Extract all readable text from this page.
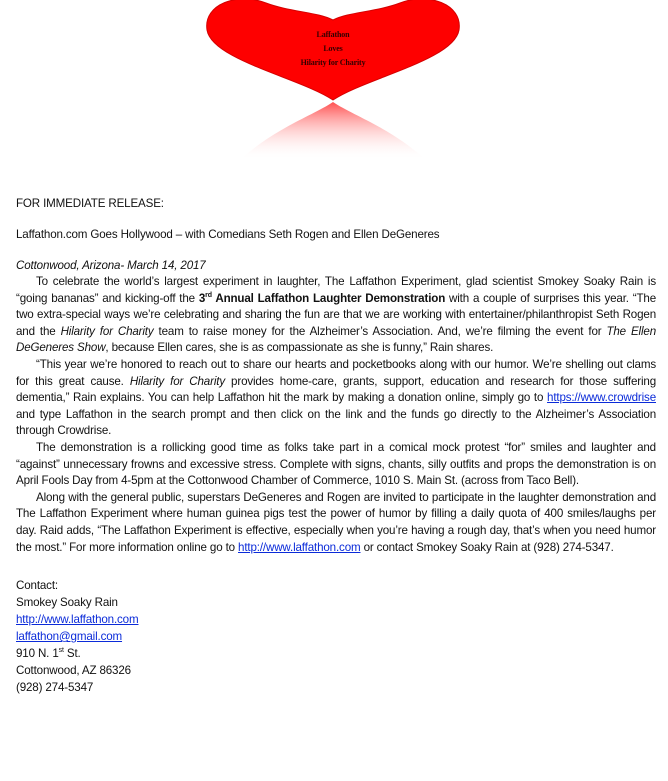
Laffathon
Loves
Hilarity for Charity

FOR IMMEDIATE RELEASE:

Laffathon.com Goes Hollywood – with Comedians Seth Rogen and Ellen DeGeneres

Cottonwood, Arizona- March 14, 2017

To celebrate the world’s largest experiment in laughter, The Laffathon Experiment, glad scientist Smokey Soaky Rain is “going bananas” and kicking-off the 3rd Annual Laffathon Laughter Demonstration with a couple of surprises this year. “The two extra-special ways we’re celebrating and sharing the fun are that we are working with entertainer/philanthropist Seth Rogen and the Hilarity for Charity team to raise money for the Alzheimer’s Association. And, we’re filming the event for The Ellen DeGeneres Show, because Ellen cares, she is as compassionate as she is funny,” Rain shares.

“This year we’re honored to reach out to share our hearts and pocketbooks along with our humor. We’re shelling out clams for this great cause. Hilarity for Charity provides home-care, grants, support, education and research for those suffering dementia,” Rain explains. You can help Laffathon hit the mark by making a donation online, simply go to https://www.crowdrise and type Laffathon in the search prompt and then click on the link and the funds go directly to the Alzheimer’s Association through Crowdrise.

The demonstration is a rollicking good time as folks take part in a comical mock protest “for” smiles and laughter and “against” unnecessary frowns and excessive stress. Complete with signs, chants, silly outfits and props the demonstration is on April Fools Day from 4-5pm at the Cottonwood Chamber of Commerce, 1010 S. Main St. (across from Taco Bell).

Along with the general public, superstars DeGeneres and Rogen are invited to participate in the laughter demonstration and The Laffathon Experiment where human guinea pigs test the power of humor by filling a daily quota of 400 smiles/laughs per day. Raid adds, “The Laffathon Experiment is effective, especially when you’re having a rough day, that’s when you need humor the most.” For more information online go to http://www.laffathon.com or contact Smokey Soaky Rain at (928) 274-5347.

Contact:

Smokey Soaky Rain

http://www.laffathon.com

laffathon@gmail.com

910 N. 1st St.

Cottonwood, AZ 86326

(928) 274-5347
